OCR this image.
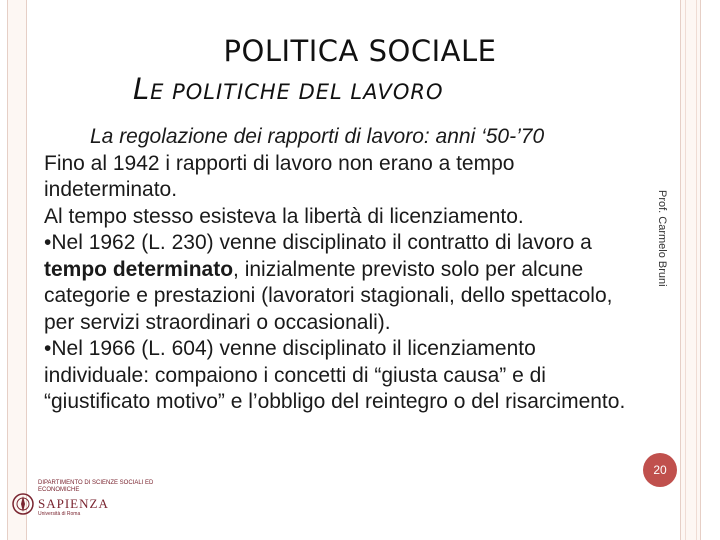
POLITICA SOCIALE
LE POLITICHE DEL LAVORO

La regolazione dei rapporti di lavoro: anni ‘50-’70

Fino al 1942 i rapporti di lavoro non erano a tempo indeterminato.

Al tempo stesso esisteva la libertà di licenziamento.

•Nel 1962 (L. 230) venne disciplinato il contratto di lavoro a tempo determinato, inizialmente previsto solo per alcune categorie e prestazioni (lavoratori stagionali, dello spettacolo, per servizi straordinari o occasionali).

•Nel 1966 (L. 604) venne disciplinato il licenziamento individuale: compaiono i concetti di “giusta causa” e di “giustificato motivo” e l’obbligo del reintegro o del risarcimento.

Prof. Carmelo Bruni
20
DIPARTIMENTO DI SCIENZE SOCIALI ED ECONOMICHE
SAPIENZA
Università di Roma
